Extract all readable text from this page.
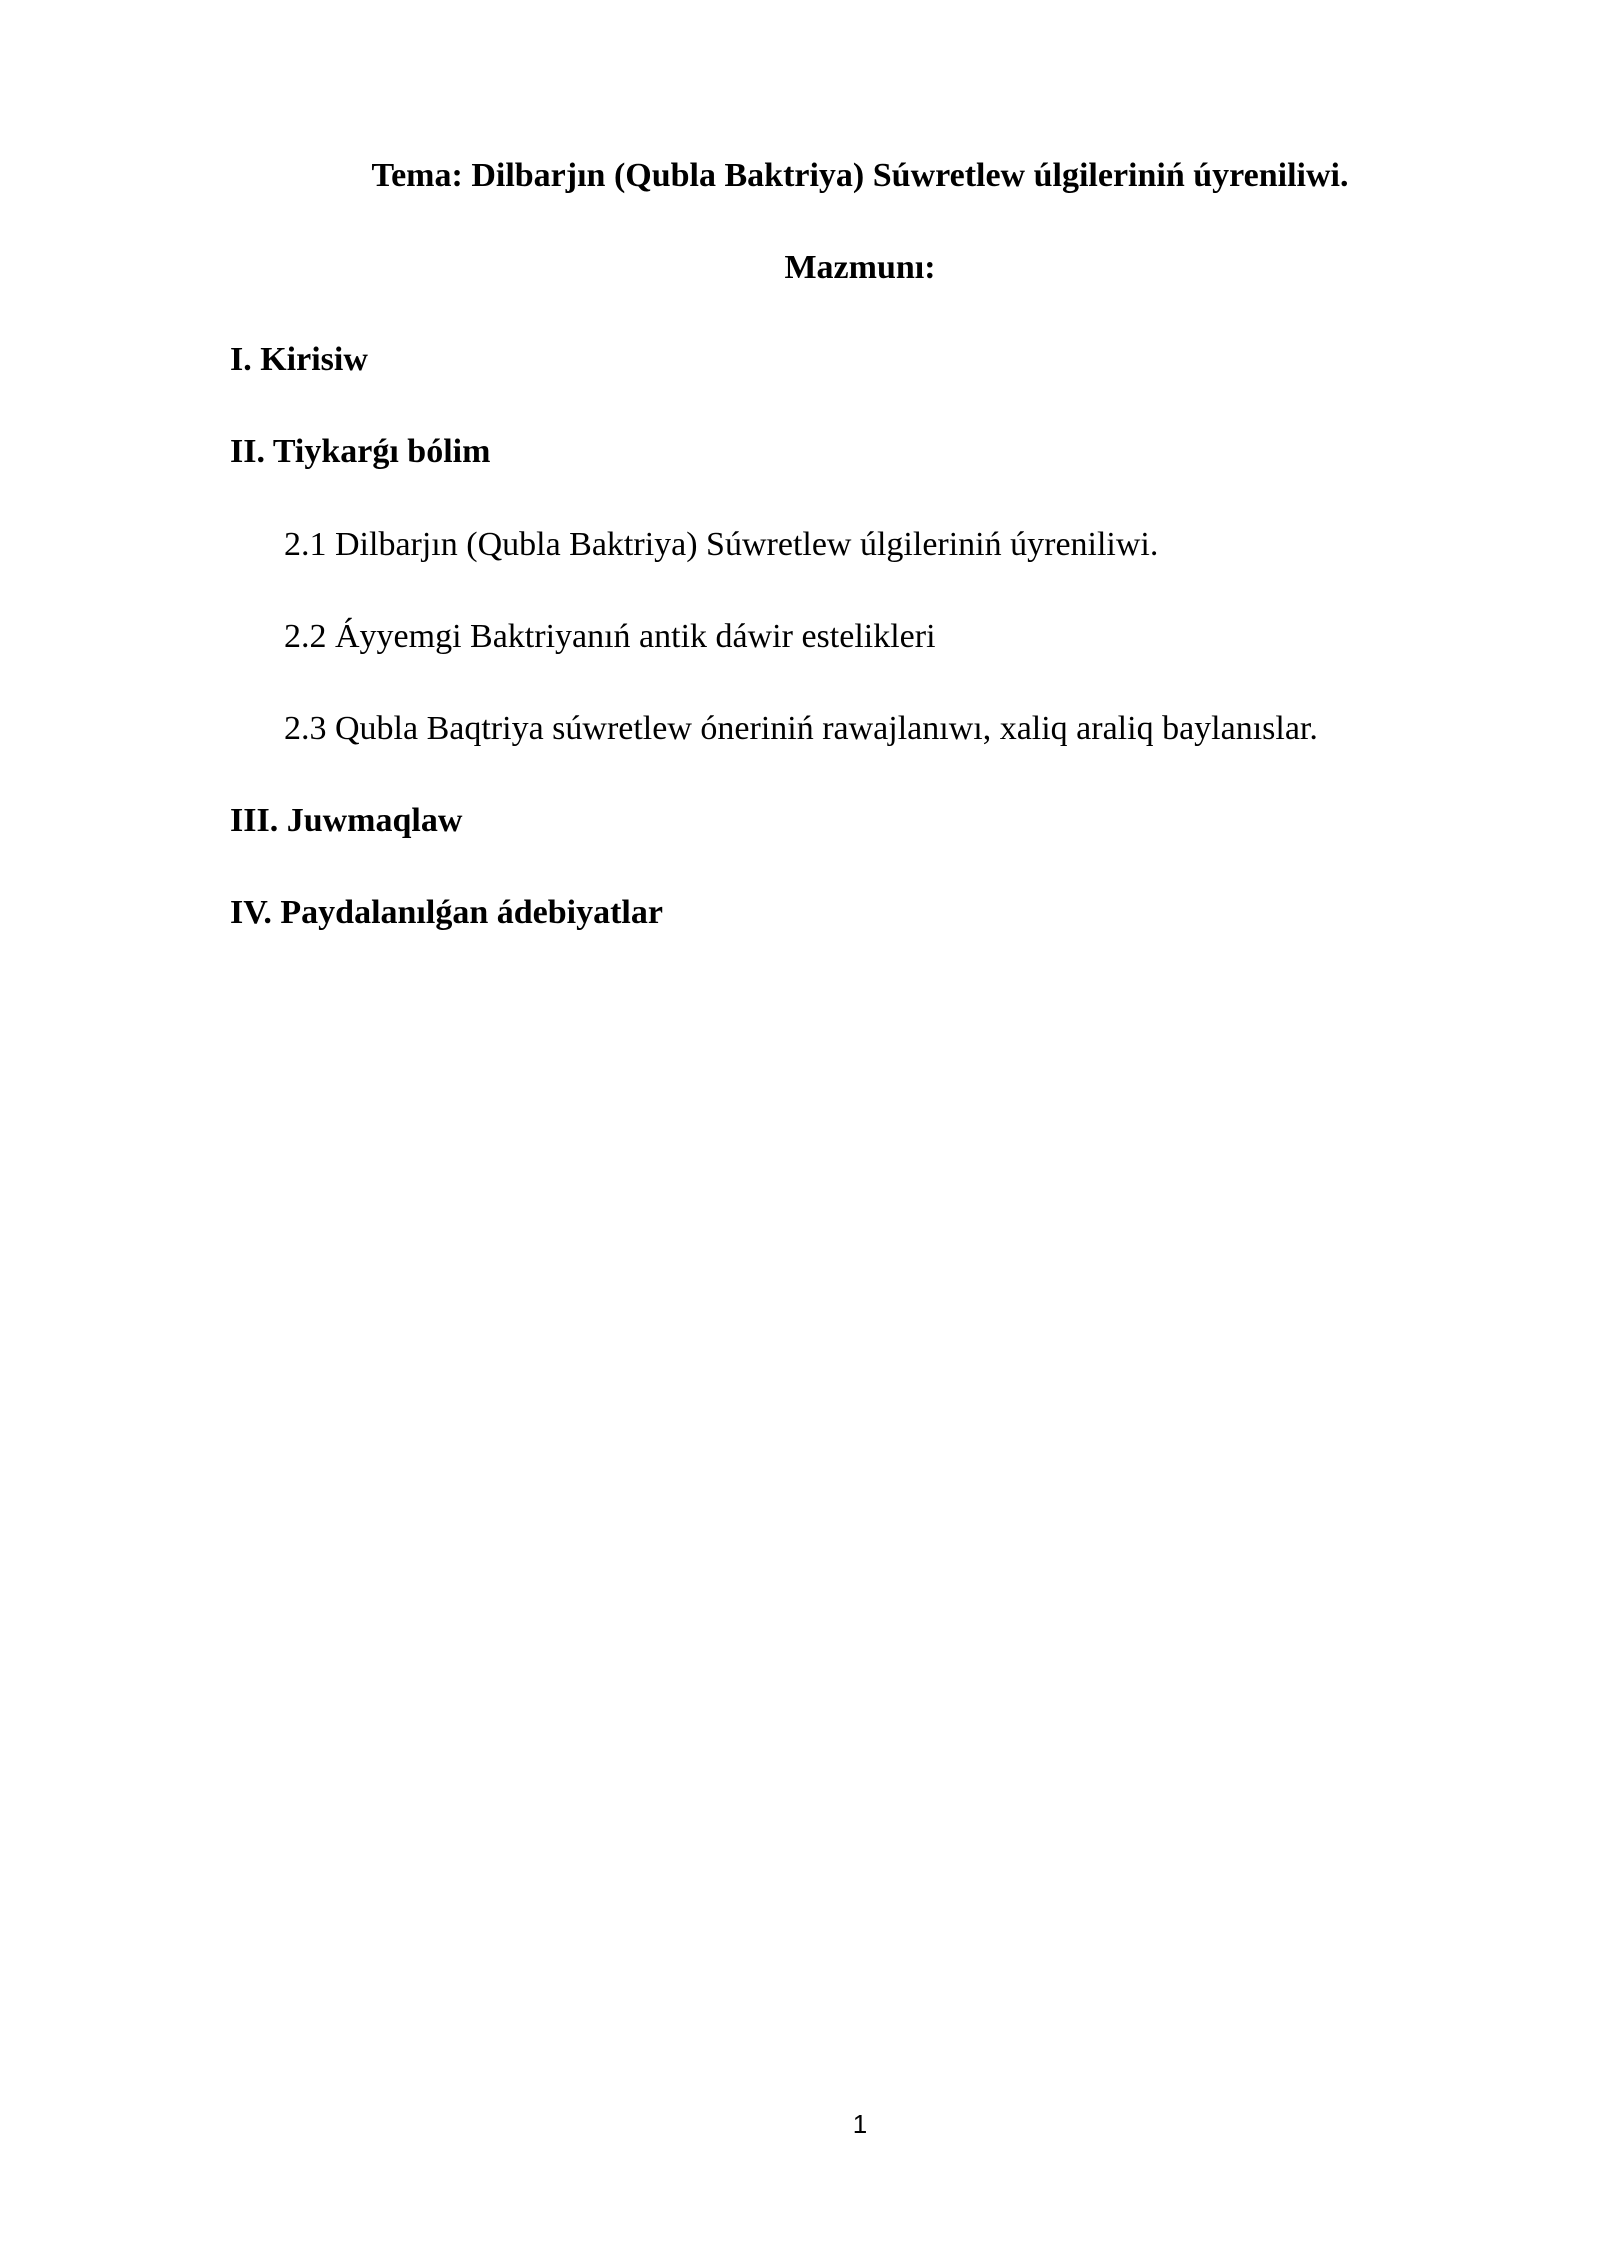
Tema: Dilbarjın (Qubla Baktriya) Súwretlew úlgileriniń úyreniliwi.
Mazmunı:
I. Kirisiw
II. Tiykarǵı bólim
2.1 Dilbarjın (Qubla Baktriya) Súwretlew úlgileriniń úyreniliwi.
2.2 Áyyemgi Baktriyanıń antik dáwir estelikleri
2.3 Qubla Baqtriya súwretlew óneriniń rawajlanıwı, xaliq araliq baylanıslar.
III. Juwmaqlaw
IV. Paydalanılǵan ádebiyatlar
1
